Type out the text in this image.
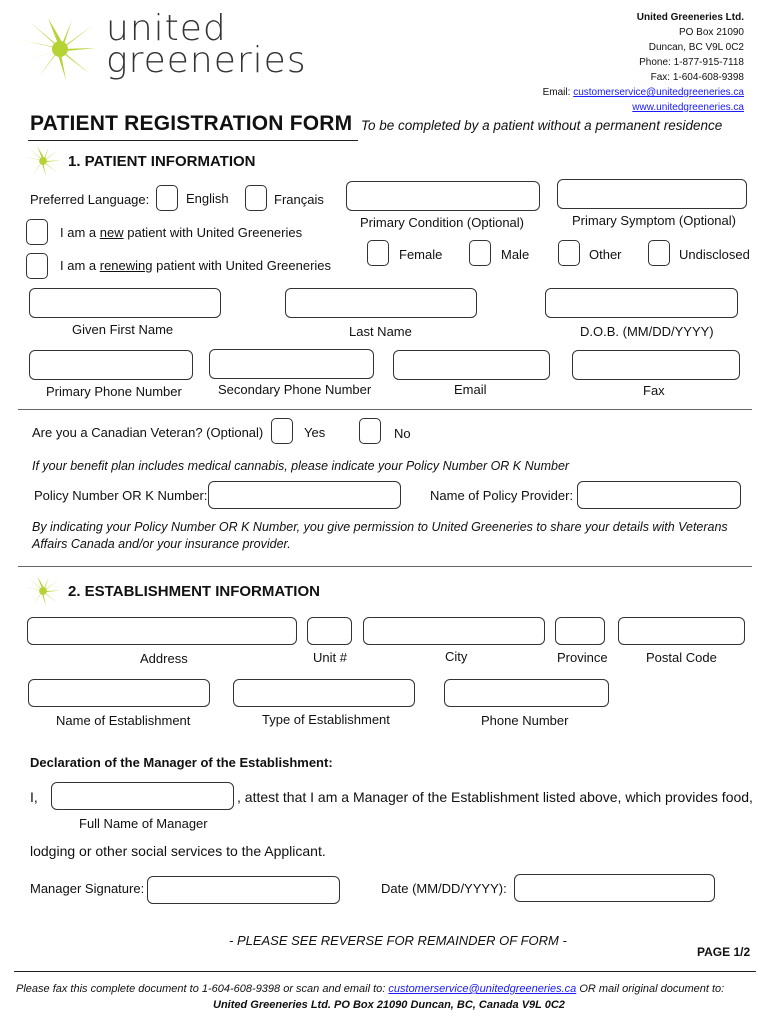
united
greeneries
United Greeneries Ltd.
PO Box 21090
Duncan, BC V9L 0C2
Phone: 1-877-915-7118
Fax: 1-604-608-9398
Email: customerservice@unitedgreeneries.ca
www.unitedgreeneries.ca
PATIENT REGISTRATION FORM To be completed by a patient without a permanent residence
1. PATIENT INFORMATION
Preferred Language:	English	Français
I am a new patient with United Greeneries
I am a renewing patient with United Greeneries
Primary Condition (Optional)	Primary Symptom (Optional)
Female	Male	Other	Undisclosed
Given First Name	Last Name	D.O.B. (MM/DD/YYYY)
Primary Phone Number	Secondary Phone Number	Email	Fax
Are you a Canadian Veteran? (Optional)	Yes	No
If your benefit plan includes medical cannabis, please indicate your Policy Number OR K Number
Policy Number OR K Number:	Name of Policy Provider:
By indicating your Policy Number OR K Number, you give permission to United Greeneries to share your details with Veterans
Affairs Canada and/or your insurance provider.
2. ESTABLISHMENT INFORMATION
Address	Unit #	City	Province	Postal Code
Name of Establishment	Type of Establishment	Phone Number
Declaration of the Manager of the Establishment:
I,	, attest that I am a Manager of the Establishment listed above, which provides food,
Full Name of Manager
lodging or other social services to the Applicant.
Manager Signature:	Date (MM/DD/YYYY):
- PLEASE SEE REVERSE FOR REMAINDER OF FORM -
PAGE 1/2
Please fax this complete document to 1-604-608-9398 or scan and email to: customerservice@unitedgreeneries.ca OR mail original document to:
United Greeneries Ltd. PO Box 21090 Duncan, BC, Canada V9L 0C2
